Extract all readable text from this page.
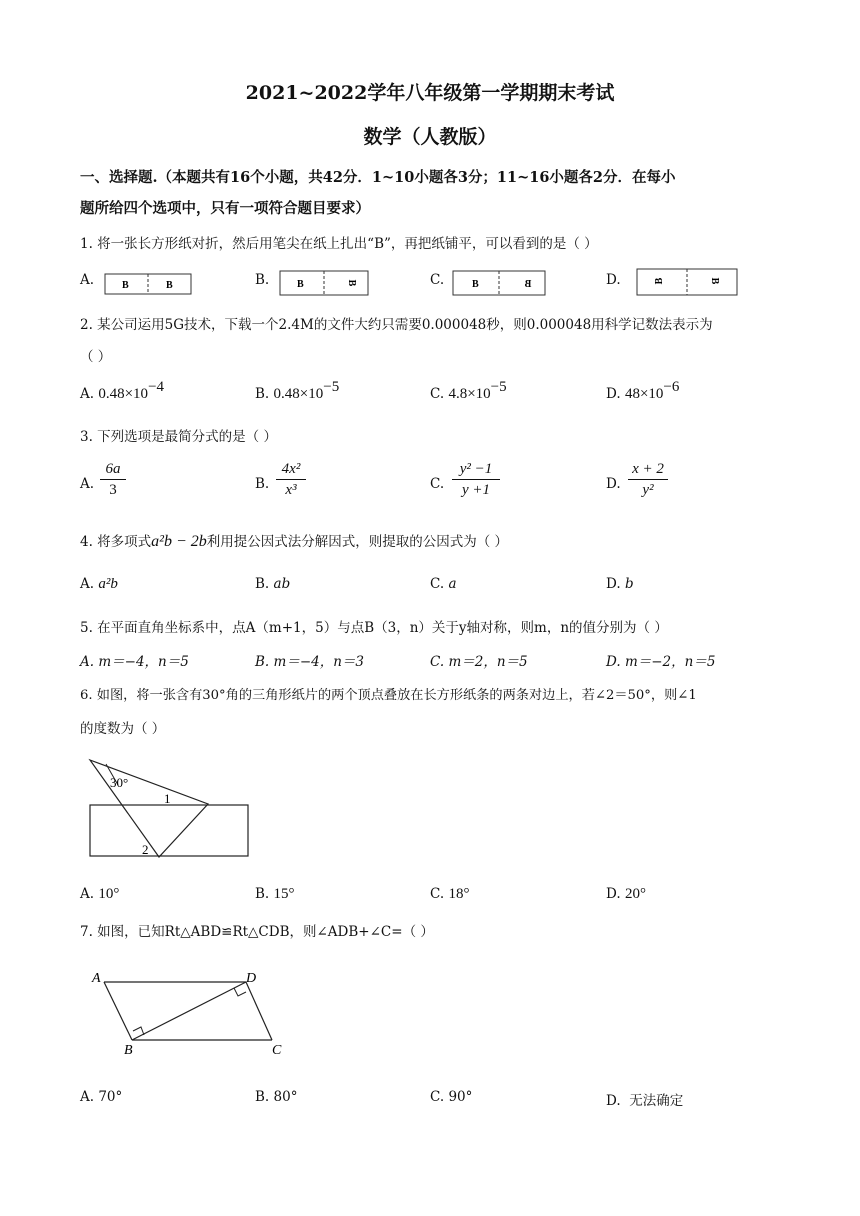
2021~2022学年八年级第一学期期末考试
数学（人教版）
一、选择题.（本题共有16个小题，共42分．1~10小题各3分；11~16小题各2分．在每小
题所给四个选项中，只有一项符合题目要求）
1. 将一张长方形纸对折，然后用笔尖在纸上扎出“B”，再把纸铺平，可以看到的是（ ）
A.	B	B	B.	B	B	C.	B	B	D.	B	B
2. 某公司运用5G技术，下载一个2.4M的文件大约只需要0.000048秒，则0.000048用科学记数法表示为
（ ）
A. $0.48\times 10^{-4}$	B. $0.48\times 10^{-5}$	C. $4.8\times 10^{-5}$	D. $48\times 10^{-6}$
3. 下列选项是最简分式的是（ ）
A.
6a
3	B.
4x²
x³	C.
y² −1
y +1	D.
x + 2
y²
4. 将多项式a²b − 2b利用提公因式法分解因式，则提取的公因式为（ ）
A. a²b	B. ab	C. a	D. b
5. 在平面直角坐标系中，点A（m+1，5）与点B（3，n）关于y轴对称，则m，n的值分别为（ ）
A. m＝−4，n＝5	B. m＝−4，n＝3	C. m＝2，n＝5	D. m＝−2，n＝5
6. 如图，将一张含有30°角的三角形纸片的两个顶点叠放在长方形纸条的两条对边上，若∠2＝50°，则∠1
的度数为（ ）
30°
1
2
A. 10°	B. 15°	C. 18°	D. 20°
7. 如图，已知Rt△ABD≌Rt△CDB，则∠ADB+∠C=（ ）
A	D
B	C
A. 70°	B. 80°	C. 90°	D. 无法确定
